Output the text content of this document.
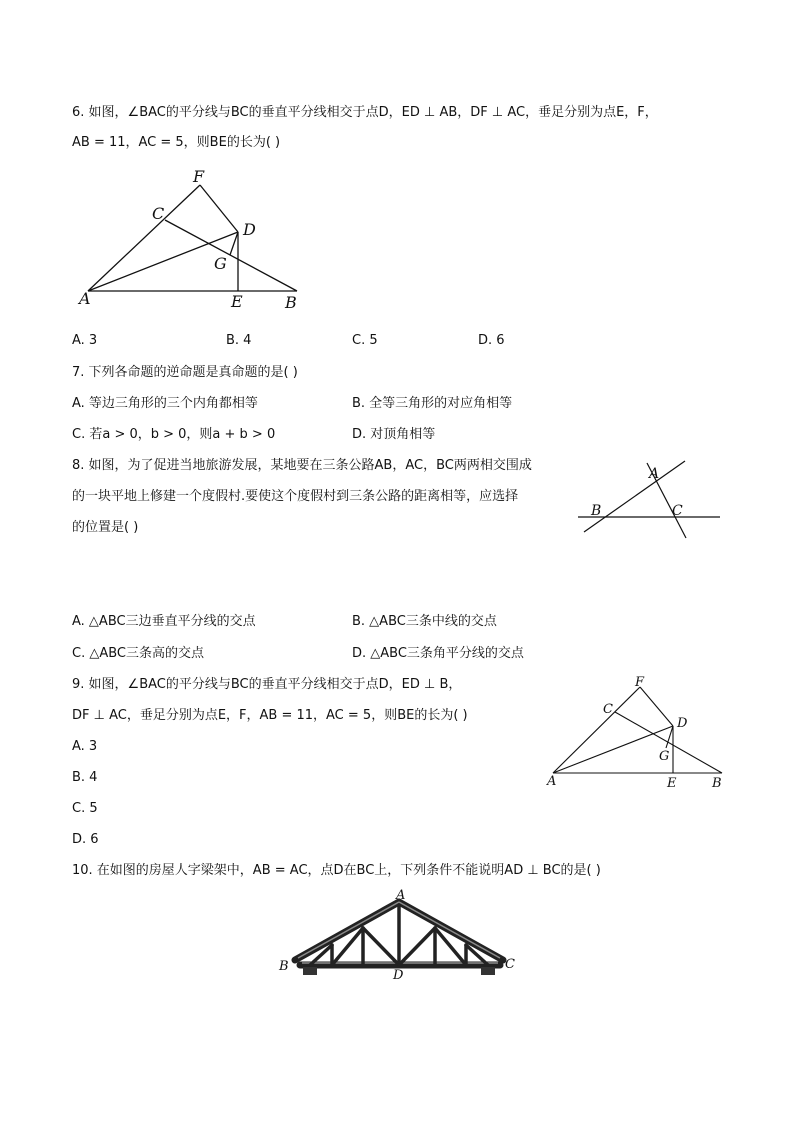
6. 如图，∠BAC的平分线与BC的垂直平分线相交于点D，ED ⊥ AB，DF ⊥ AC，垂足分别为点E，F，
AB = 11，AC = 5，则BE的长为( )
F
C
D
G
A	E	B
A. 3	B. 4	C. 5	D. 6
7. 下列各命题的逆命题是真命题的是( )
A. 等边三角形的三个内角都相等	B. 全等三角形的对应角相等
C. 若a > 0，b > 0，则a + b > 0	D. 对顶角相等
8. 如图，为了促进当地旅游发展，某地要在三条公路AB，AC，BC两两相交围成
的一块平地上修建一个度假村.要使这个度假村到三条公路的距离相等，应选择
的位置是( )
A
B	C
A. △ABC三边垂直平分线的交点	B. △ABC三条中线的交点
C. △ABC三条高的交点	D. △ABC三条角平分线的交点
9. 如图，∠BAC的平分线与BC的垂直平分线相交于点D，ED ⊥ B，
DF ⊥ AC，垂足分别为点E，F，AB = 11，AC = 5，则BE的长为( )
F
C
D
G
A	E	B
A. 3
B. 4
C. 5
D. 6
10. 在如图的房屋人字梁架中，AB = AC，点D在BC上，下列条件不能说明AD ⊥ BC的是( )
A
B	C
D
